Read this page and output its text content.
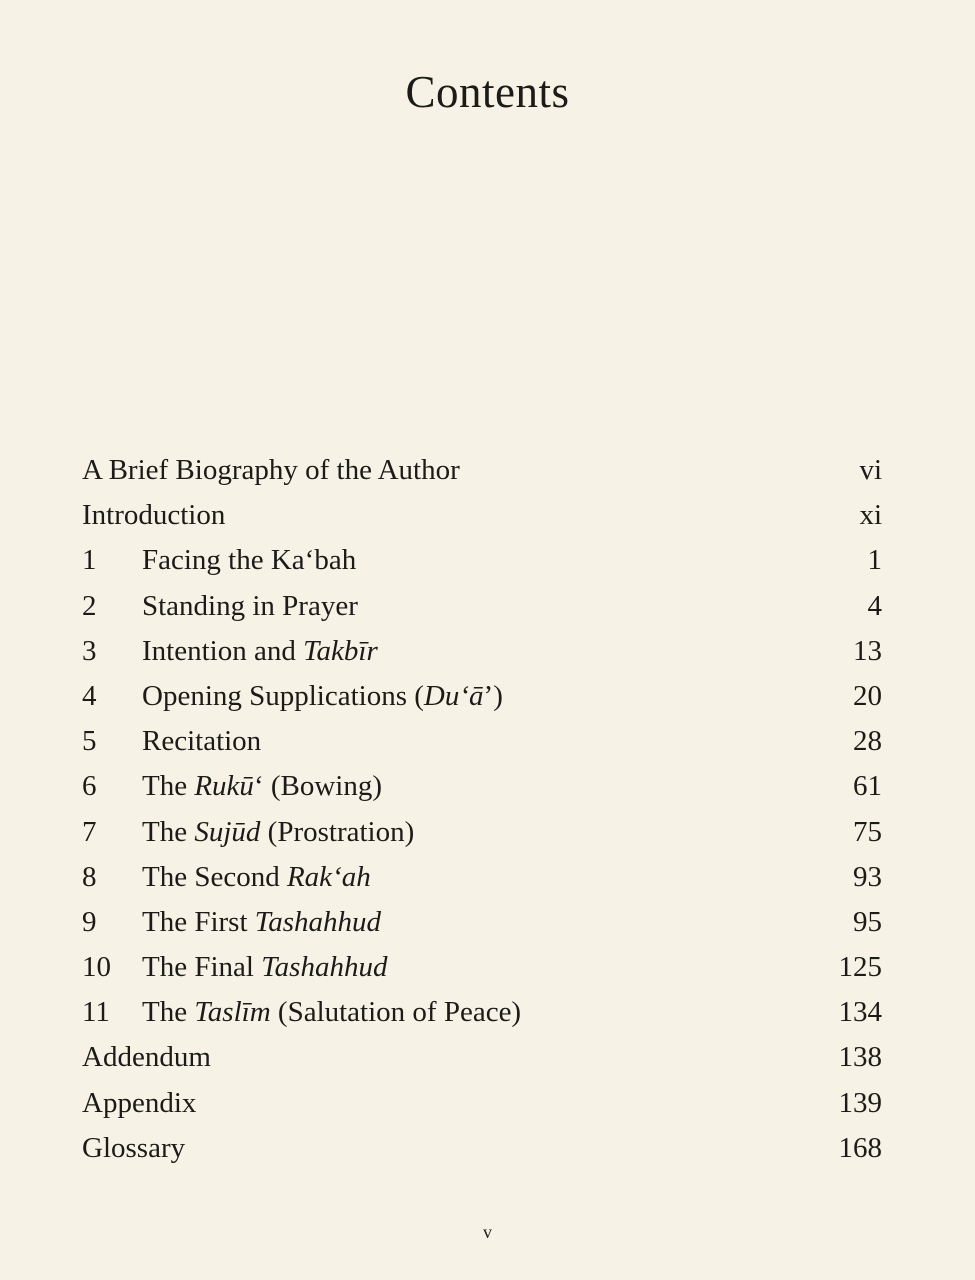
Contents
A Brief Biography of the Author	vi
Introduction	xi
1 Facing the Ka‘bah	1
2 Standing in Prayer	4
3 Intention and Takbīr	13
4 Opening Supplications (Du‘ā’)	20
5 Recitation	28
6 The Rukū‘ (Bowing)	61
7 The Sujūd (Prostration)	75
8 The Second Rak‘ah	93
9 The First Tashahhud	95
10 The Final Tashahhud	125
11 The Taslīm (Salutation of Peace)	134
Addendum	138
Appendix	139
Glossary	168
v
